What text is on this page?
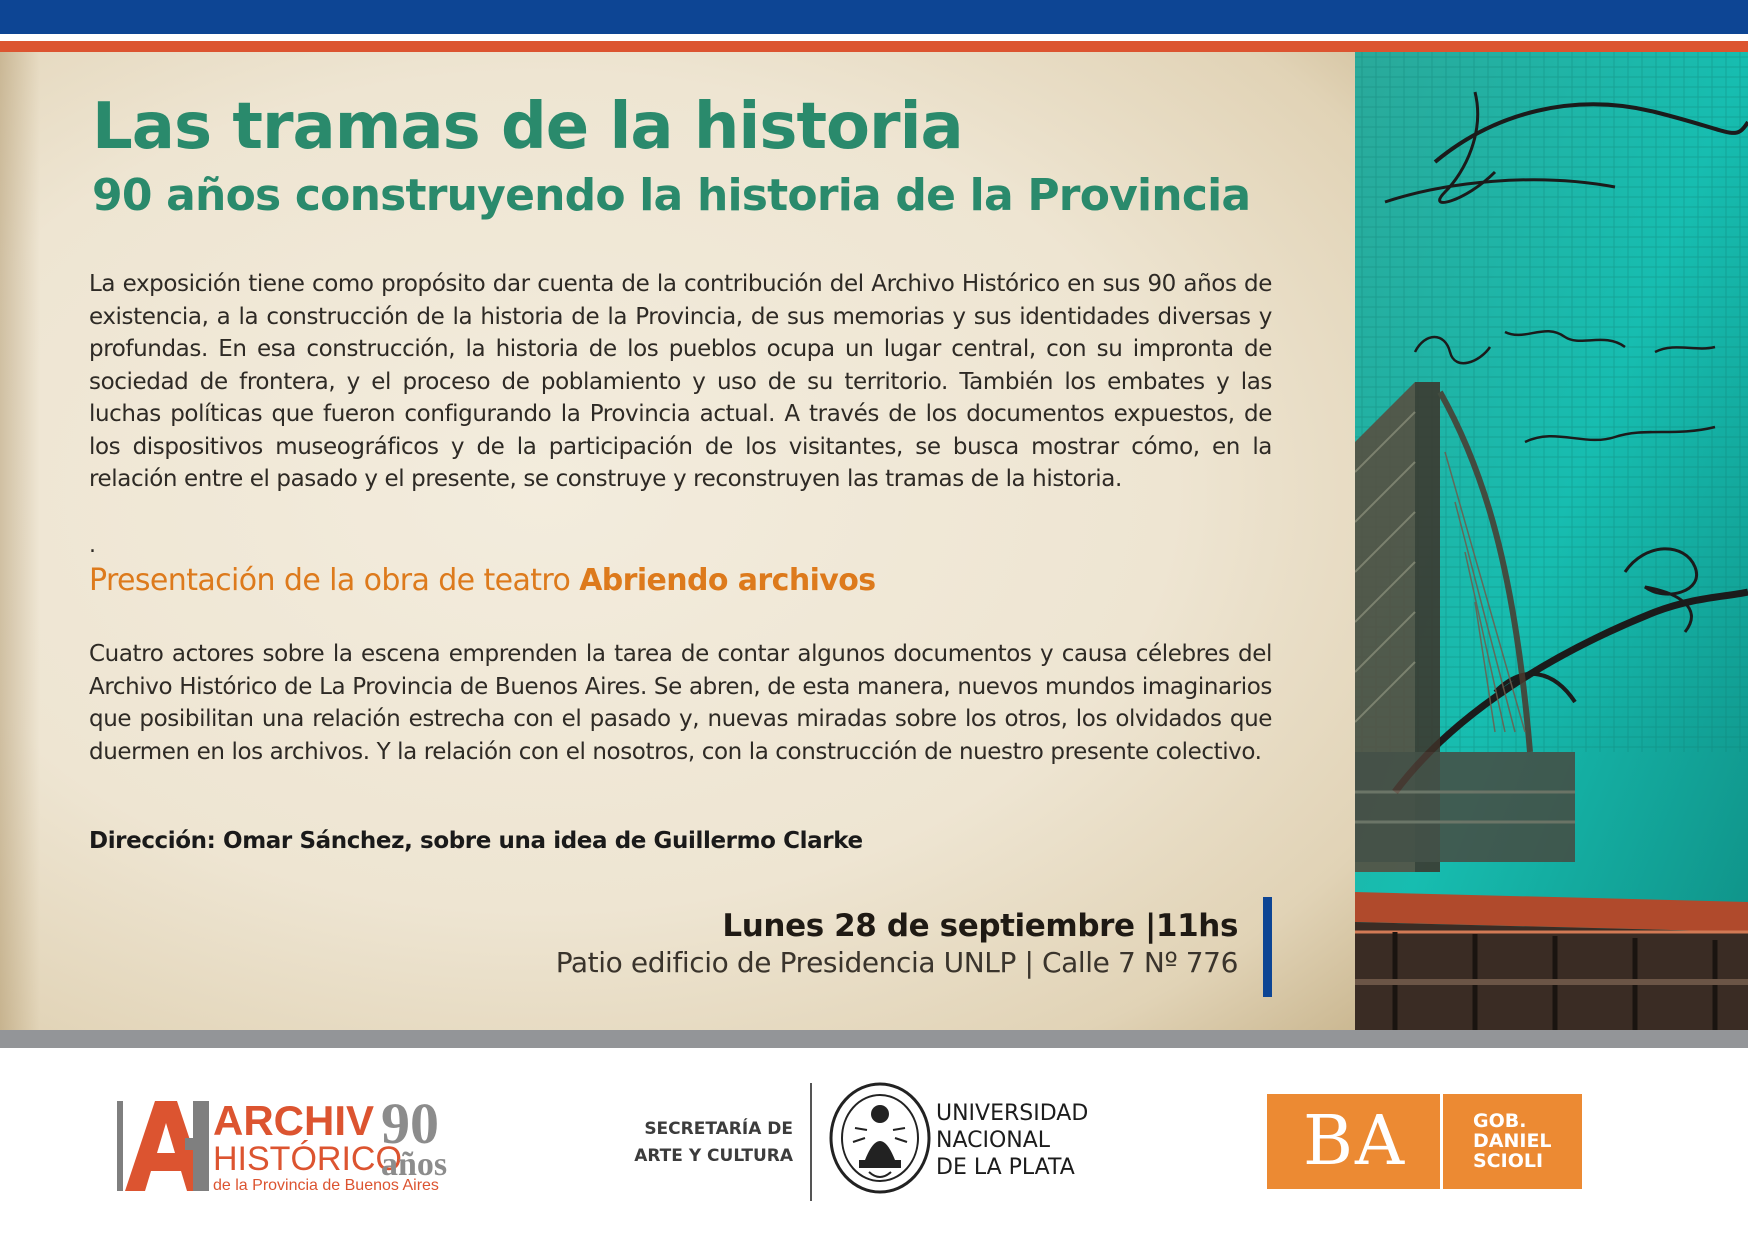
Las tramas de la historia
90 años construyendo la historia de la Provincia

La exposición tiene como propósito dar cuenta de la contribución del Archivo Histórico en sus 90 años de existencia, a la construcción de la historia de la Provincia, de sus memorias y sus identidades diversas y profundas. En esa construcción, la historia de los pueblos ocupa un lugar central, con su impronta de sociedad de frontera, y el proceso de poblamiento y uso de su territorio. También los embates y las luchas políticas que fueron configurando la Provincia actual. A través de los documentos expuestos, de los dispositivos museográficos y de la participación de los visitantes, se busca mostrar cómo, en la relación entre el pasado y el presente, se construye y reconstruyen las tramas de la historia.

.

Presentación de la obra de teatro Abriendo archivos

Cuatro actores sobre la escena emprenden la tarea de contar algunos documentos y causa célebres del Archivo Histórico de La Provincia de Buenos Aires. Se abren, de esta manera, nuevos mundos imaginarios que posibilitan una relación estrecha con el pasado y, nuevas miradas sobre los otros, los olvidados que duermen en los archivos. Y la relación con el nosotros, con la construcción de nuestro presente colectivo.

Dirección: Omar Sánchez, sobre una idea de Guillermo Clarke

Lunes 28 de septiembre |11hs
Patio edificio de Presidencia UNLP | Calle 7 Nº 776
ARCHIV
HISTÓRICO
de la Provincia de Buenos Aires
90
años
SECRETARÍA DE
ARTE Y CULTURA
UNIVERSIDAD
NACIONAL
DE LA PLATA	BA	GOB.
DANIEL
SCIOLI
